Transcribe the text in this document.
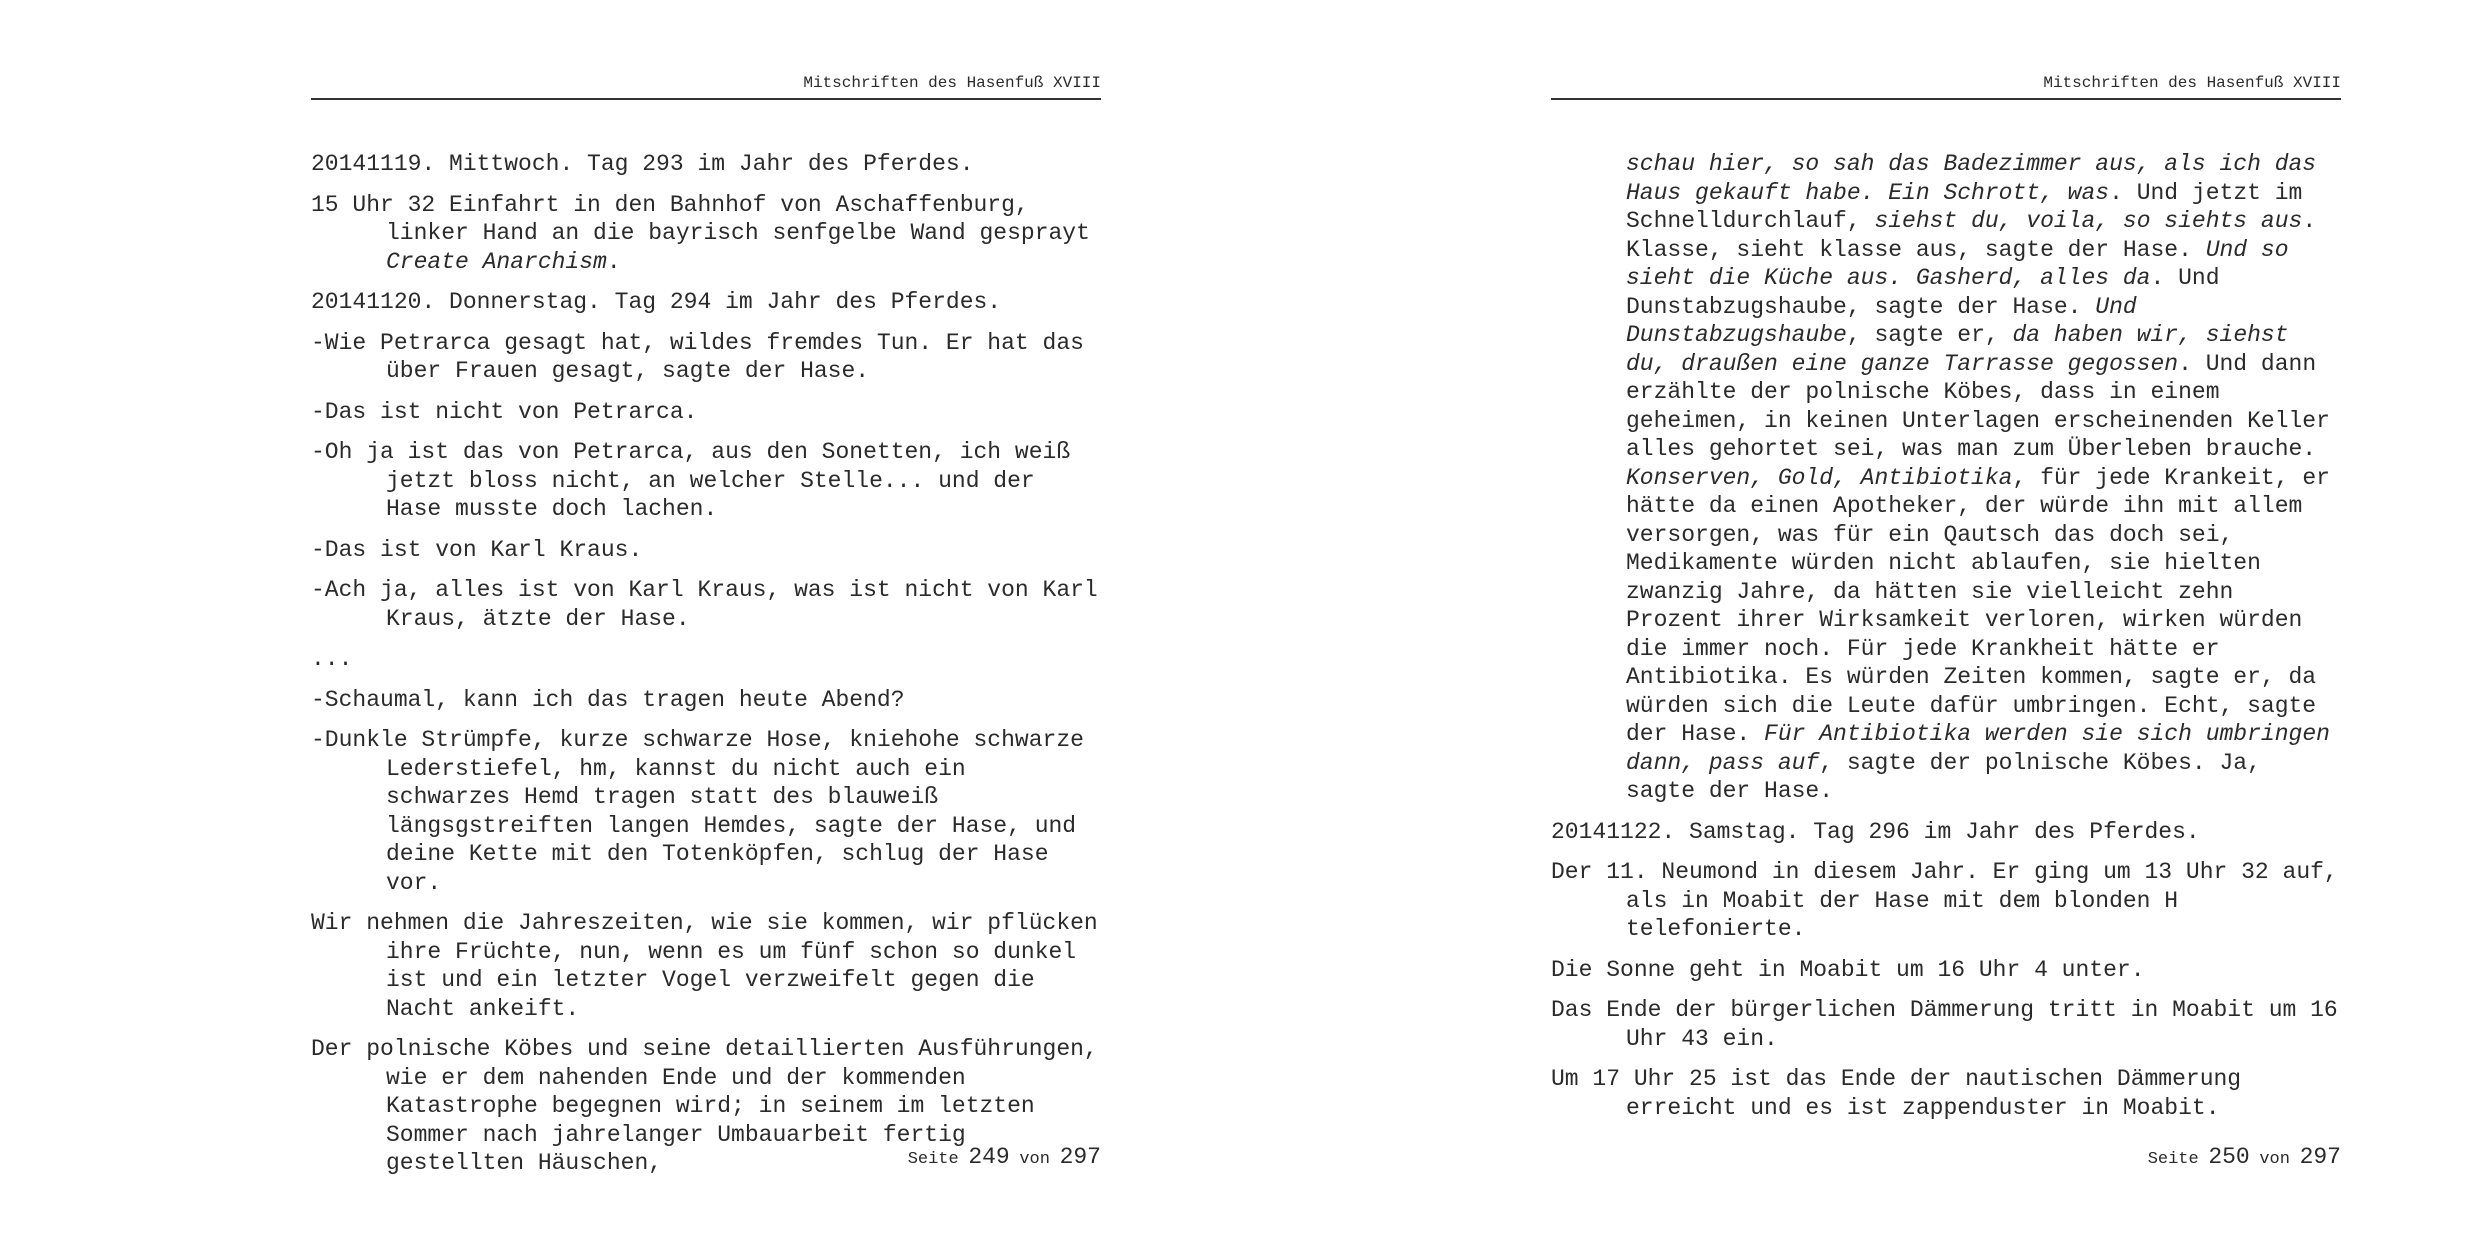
Mitschriften des Hasenfuß XVIII

20141119. Mittwoch. Tag 293 im Jahr des Pferdes.

15 Uhr 32 Einfahrt in den Bahnhof von Aschaffenburg, linker Hand an die bayrisch senfgelbe Wand gesprayt Create Anarchism.

20141120. Donnerstag. Tag 294 im Jahr des Pferdes.

-Wie Petrarca gesagt hat, wildes fremdes Tun. Er hat das über Frauen gesagt, sagte der Hase.

-Das ist nicht von Petrarca.

-Oh ja ist das von Petrarca, aus den Sonetten, ich weiß jetzt bloss nicht, an welcher Stelle... und der Hase musste doch lachen.

-Das ist von Karl Kraus.

-Ach ja, alles ist von Karl Kraus, was ist nicht von Karl Kraus, ätzte der Hase.

...

-Schaumal, kann ich das tragen heute Abend?

-Dunkle Strümpfe, kurze schwarze Hose, kniehohe schwarze Lederstiefel, hm, kannst du nicht auch ein schwarzes Hemd tragen statt des blauweiß längsgstreiften langen Hemdes, sagte der Hase, und deine Kette mit den Totenköpfen, schlug der Hase vor.

Wir nehmen die Jahreszeiten, wie sie kommen, wir pflücken ihre Früchte, nun, wenn es um fünf schon so dunkel ist und ein letzter Vogel verzweifelt gegen die Nacht ankeift.

Der polnische Köbes und seine detaillierten Ausführungen, wie er dem nahenden Ende und der kommenden Katastrophe begegnen wird; in seinem im letzten Sommer nach jahrelanger Umbauarbeit fertig gestellten Häuschen,	Seite 249 von 297
Mitschriften des Hasenfuß XVIII

schau hier, so sah das Badezimmer aus, als ich das Haus gekauft habe. Ein Schrott, was. Und jetzt im Schnelldurchlauf, siehst du, voila, so siehts aus. Klasse, sieht klasse aus, sagte der Hase. Und so sieht die Küche aus. Gasherd, alles da. Und Dunstabzugshaube, sagte der Hase. Und Dunstabzugshaube, sagte er, da haben wir, siehst du, draußen eine ganze Tarrasse gegossen. Und dann erzählte der polnische Köbes, dass in einem geheimen, in keinen Unterlagen erscheinenden Keller alles gehortet sei, was man zum Überleben brauche. Konserven, Gold, Antibiotika, für jede Krankeit, er hätte da einen Apotheker, der würde ihn mit allem versorgen, was für ein Qautsch das doch sei, Medikamente würden nicht ablaufen, sie hielten zwanzig Jahre, da hätten sie vielleicht zehn Prozent ihrer Wirksamkeit verloren, wirken würden die immer noch. Für jede Krankheit hätte er Antibiotika. Es würden Zeiten kommen, sagte er, da würden sich die Leute dafür umbringen. Echt, sagte der Hase. Für Antibiotika werden sie sich umbringen dann, pass auf, sagte der polnische Köbes. Ja, sagte der Hase.

20141122. Samstag. Tag 296 im Jahr des Pferdes.

Der 11. Neumond in diesem Jahr. Er ging um 13 Uhr 32 auf, als in Moabit der Hase mit dem blonden H telefonierte.

Die Sonne geht in Moabit um 16 Uhr 4 unter.

Das Ende der bürgerlichen Dämmerung tritt in Moabit um 16 Uhr 43 ein.

Um 17 Uhr 25 ist das Ende der nautischen Dämmerung erreicht und es ist zappenduster in Moabit.

Seite 250 von 297
